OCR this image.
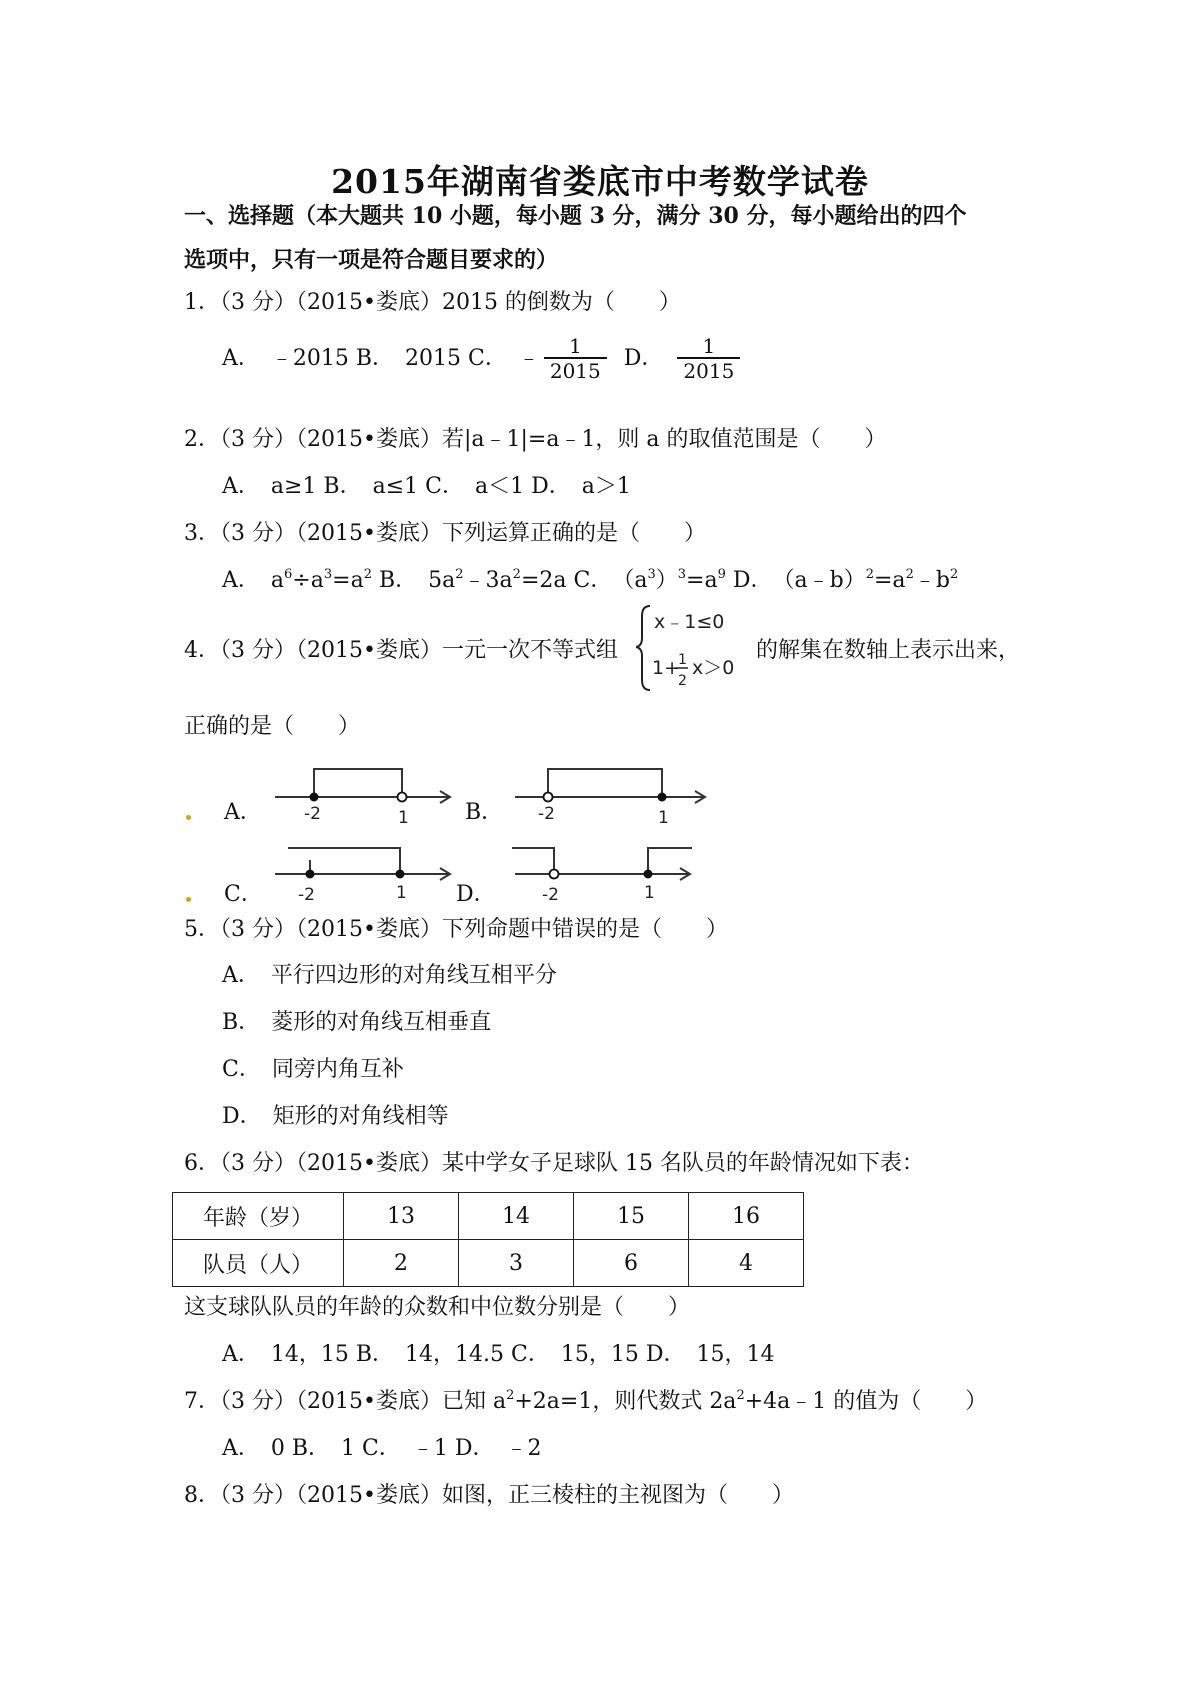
2015年湖南省娄底市中考数学试卷
一、选择题（本大题共 10 小题，每小题 3 分，满分 30 分，每小题给出的四个
选项中，只有一项是符合题目要求的）
1．（3 分）（2015•娄底）2015 的倒数为（　　）
A．　﹣2015 B．　2015 C．　﹣ $\frac{1}{2015}$ D． $\frac{1}{2015}$
2．（3 分）（2015•娄底）若|a﹣1|=a﹣1，则 a 的取值范围是（　　）
A．　a≥1 B．　a≤1 C．　a＜1 D．　a＞1
3．（3 分）（2015•娄底）下列运算正确的是（　　）
A．　$a^6\div a^3=a^2$ B．　$5a^2﹣3a^2=2a$ C．　$(a^3)^3=a^9$ D．　$(a﹣b)^2=a^2﹣b^2$
4．（3 分）（2015•娄底）一元一次不等式组
x﹣1≤0
1+
1
2
x＞0
的解集在数轴上表示出来，
正确的是（　　）
A． -2	1	B． -2	1
C． -2	1 D．	-2	1
5．（3 分）（2015•娄底）下列命题中错误的是（　　）
A．　平行四边形的对角线互相平分
B．　菱形的对角线互相垂直
C．　同旁内角互补
D．　矩形的对角线相等
6．（3 分）（2015•娄底）某中学女子足球队 15 名队员的年龄情况如下表：
年龄（岁）	13	14	15	16
队员（人）	2	3	6	4
这支球队队员的年龄的众数和中位数分别是（　　）
A．　14，15 B．　14，14.5 C．　15，15 D．　15，14
7．（3 分）（2015•娄底）已知 $a^2+2a=1$，则代数式 $2a^2+4a﹣1$ 的值为（　　）
A．　0 B．　1 C．　﹣1 D．　﹣2
8．（3 分）（2015•娄底）如图，正三棱柱的主视图为（　　）
